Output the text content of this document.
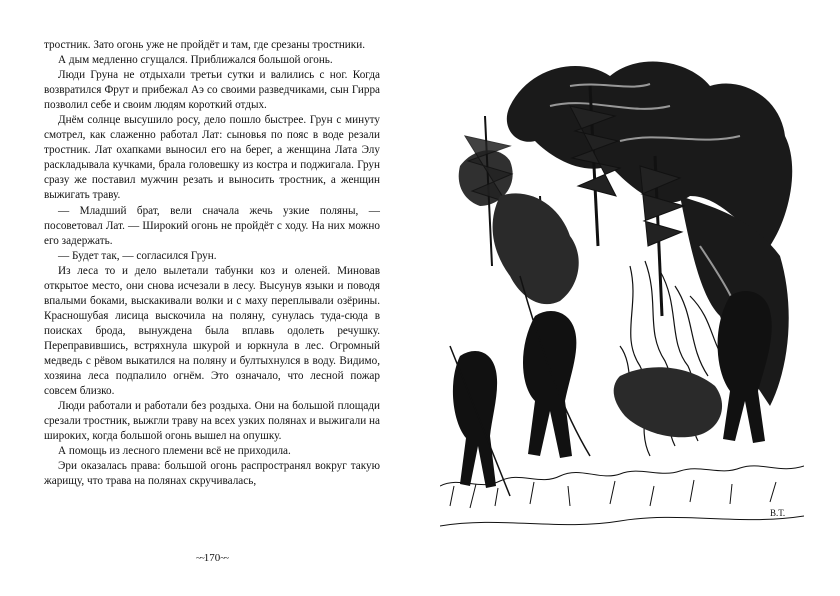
тростник. Зато огонь уже не пройдёт и там, где срезаны тростники.

А дым медленно сгущался. Приближался большой огонь.

Люди Груна не отдыхали третьи сутки и валились с ног. Когда возвратился Фрут и прибежал Аэ со своими разведчиками, сын Гирра позволил себе и своим людям короткий отдых.

Днём солнце высушило росу, дело пошло быстрее. Грун с минуту смотрел, как слаженно работал Лат: сыновья по пояс в воде резали тростник. Лат охапками выносил его на берег, а женщина Лата Элу раскладывала кучками, брала головешку из костра и поджигала. Грун сразу же поставил мужчин резать и выносить тростник, а женщин выжигать траву.

— Младший брат, вели сначала жечь узкие поляны, — посоветовал Лат. — Широкий огонь не пройдёт с ходу. На них можно его задержать.

— Будет так, — согласился Грун.

Из леса то и дело вылетали табунки коз и оленей. Миновав открытое место, они снова исчезали в лесу. Высунув языки и поводя впалыми боками, выскакивали волки и с маху переплывали озёрины. Красношубая лисица выскочила на поляну, сунулась туда-сюда в поисках брода, вынуждена была вплавь одолеть речушку. Переправившись, встряхнула шкурой и юркнула в лес. Огромный медведь с рёвом выкатился на поляну и бултыхнулся в воду. Видимо, хозяина леса подпалило огнём. Это означало, что лесной пожар совсем близко.

Люди работали и работали без роздыха. Они на большой площади срезали тростник, выжгли траву на всех узких полянах и выжигали на широких, когда большой огонь вышел на опушку.

А помощь из лесного племени всё не приходила.

Эри оказалась права: большой огонь распространял вокруг такую жарищу, что трава на полянах скручивалась,

~~170~~
В.Т.
